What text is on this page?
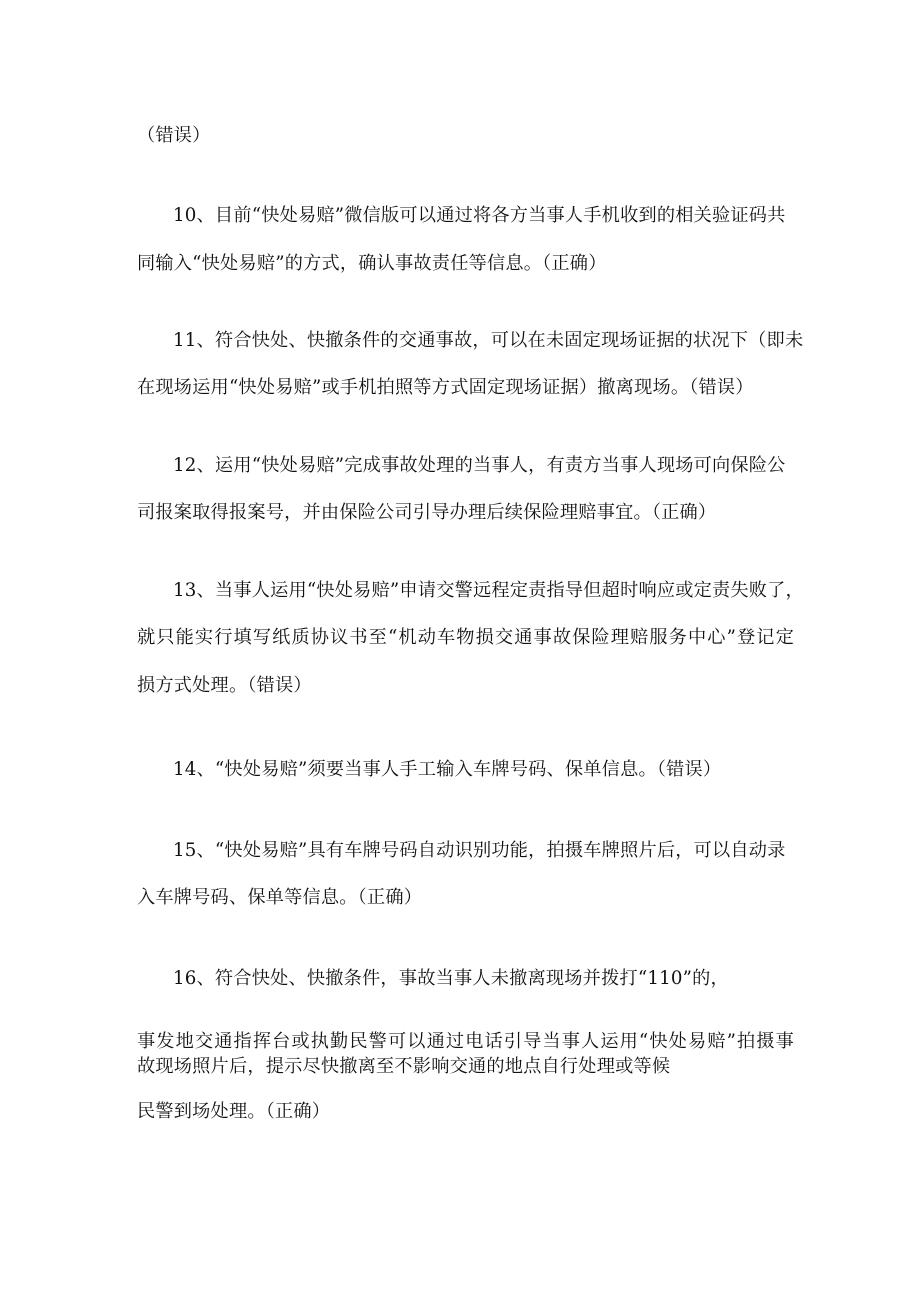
（错误）
10、目前“快处易赔”微信版可以通过将各方当事人手机收到的相关验证码共
同输入“快处易赔”的方式，确认事故责任等信息。（正确）
11、符合快处、快撤条件的交通事故，可以在未固定现场证据的状况下（即未
在现场运用“快处易赔”或手机拍照等方式固定现场证据）撤离现场。（错误）
12、运用“快处易赔”完成事故处理的当事人，有责方当事人现场可向保险公
司报案取得报案号，并由保险公司引导办理后续保险理赔事宜。（正确）
13、当事人运用“快处易赔”申请交警远程定责指导但超时响应或定责失败了，
就只能实行填写纸质协议书至“机动车物损交通事故保险理赔服务中心”登记定
损方式处理。（错误）
14、“快处易赔”须要当事人手工输入车牌号码、保单信息。（错误）
15、“快处易赔”具有车牌号码自动识别功能，拍摄车牌照片后，可以自动录
入车牌号码、保单等信息。（正确）
16、符合快处、快撤条件，事故当事人未撤离现场并拨打“110”的，
事发地交通指挥台或执勤民警可以通过电话引导当事人运用“快处易赔”拍摄事
故现场照片后，提示尽快撤离至不影响交通的地点自行处理或等候
民警到场处理。（正确）
